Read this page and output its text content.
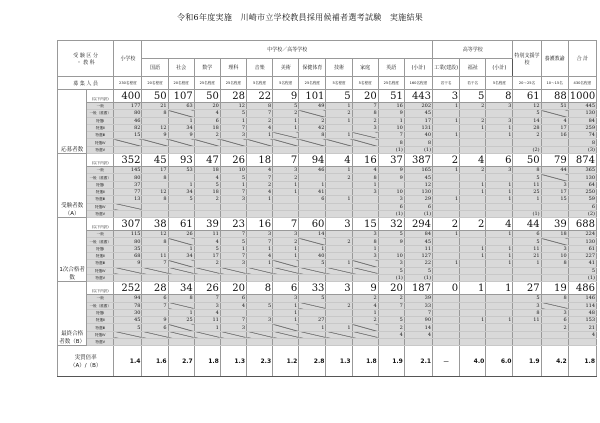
令和6年度実施　川崎市立学校教員採用候補者選考試験　実施結果
受 験 区 分
・ 教 科		小学校	中学校／高等学校											高等学校			特別支援学校	養護教諭	合 計
			国語	社会	数学	理科	音楽	美術	保健体育	技術	家庭	英語	(小計)	工業(建設)	福祉	(小計)			
募 集 人 員		230名程度	20名程度	20名程度	25名程度	25名程度	5名程度	5名程度	25名程度	5名程度	5名程度	25名程度	160名程度	若干名	若干名	5名程度	20～25名	10～15名	430名程度
応募者数	(以下内訳)	400	50	107	50	28	22	9	101	5	20	51	443	3	5	8	61	88	1000
	一般	177	21	63	20	12	8	5	49	1	7	16	202	1	2	3	12	51	445
	一般（推薦）	80	8		4	5	7	2		2	8	9	45				5		130
	特選Ⅰ	46		1	6	1	2	1	2	1	2	1	17	1	2	3	14	4	84
	特選Ⅱ	82	12	34	18	7	4	1	42		3	10	131		1	1	28	17	259
	特選Ⅲ	15	9	9	2	3	1		8	1		7	40	1		1	2	16	74
	特選Ⅳ											8	8						8
	特選Ⅴ											(1)	(1)				(2)		(3)
受験者数（A）	(以下内訳)	352	45	93	47	26	18	7	94	4	16	37	387	2	4	6	50	79	874
	一般	145	17	53	18	10	4	3	46	1	4	9	165	1	2	3	8	44	365
	一般（推薦）	80	8		4	5	7	2		2	8	9	45				5		130
	特選Ⅰ	37		1	5	1	2	1	1		1		12		1	1	11	3	64
	特選Ⅱ	77	12	34	18	7	4	1	41		3	10	130		1	1	25	17	250
	特選Ⅲ	13	8	5	2	3	1		6	1		3	29	1		1	1	15	59
	特選Ⅳ											6	6						6
	特選Ⅴ											(1)	(1)				(1)		(2)
1次合格者数	(以下内訳)	307	38	61	39	23	16	7	60	3	15	32	294	2	2	4	44	39	688
	一般	115	12	26	11	7	3	3	14		3	5	84	1		1	6	18	224
	一般（推薦）	80	8		4	5	7	2		2	8	9	45				5		130
	特選Ⅰ	35		1	5	1	1	1	1		1		11		1	1	11	3	61
	特選Ⅱ	68	11	34	17	7	4	1	40		3	10	127		1	1	21	10	227
	特選Ⅲ	9	7		2	3	1		5	1		3	22	1		1	1	8	41
	特選Ⅳ											5	5						5
	特選Ⅴ											(1)	(1)						(1)
最終合格者数（B）	(以下内訳)	252	28	34	26	20	8	6	33	3	9	20	187	0	1	1	27	19	486
	一般	94	6	8	7	6		3	5		2	2	39				5	8	146
	一般（推薦）	78	7		3	4	5	1		2	4	7	33				3		114
	特選Ⅰ	30		1	4			1			1		7				8	3	48
	特選Ⅱ	45	9	25	11	7	3	1	27		2	5	90		1	1	11	6	153
	特選Ⅲ	5	6		1	3			1	1		2	14					2	21
	特選Ⅳ											4	4						4
	特選Ⅴ																		
実質倍率
（A）/（B）		1.4	1.6	2.7	1.8	1.3	2.3	1.2	2.8	1.3	1.8	1.9	2.1	－	4.0	6.0	1.9	4.2	1.8
